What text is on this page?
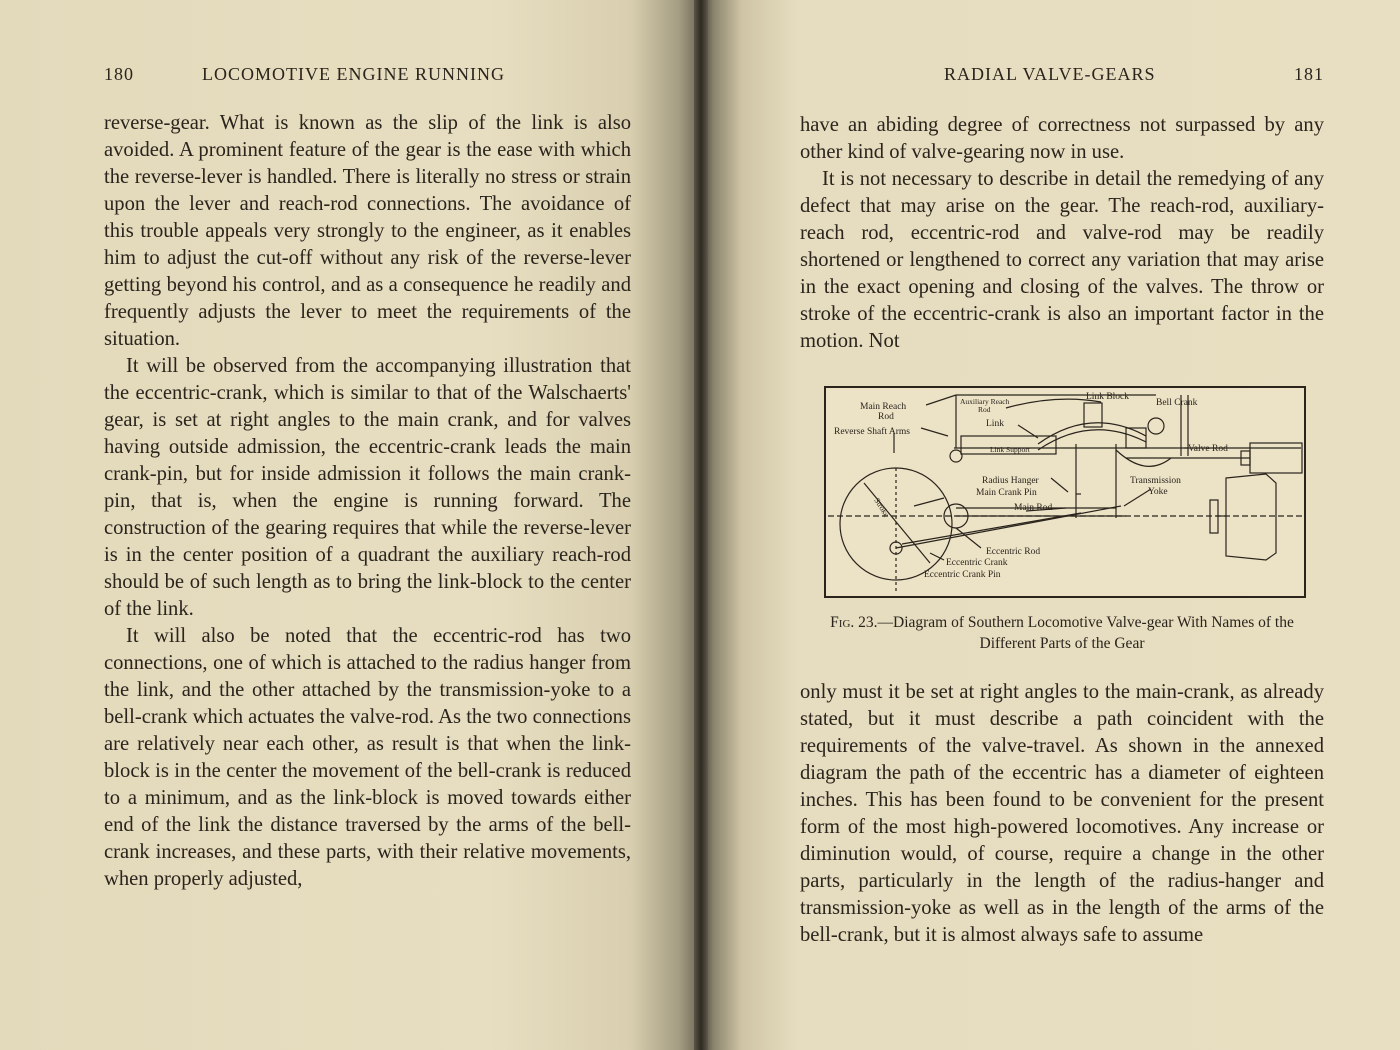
180	LOCOMOTIVE ENGINE RUNNING

reverse-gear. What is known as the slip of the link is also avoided. A prominent feature of the gear is the ease with which the reverse-lever is handled. There is literally no stress or strain upon the lever and reach-rod connections. The avoidance of this trouble appeals very strongly to the engineer, as it enables him to adjust the cut-off without any risk of the reverse-lever getting beyond his control, and as a consequence he readily and frequently adjusts the lever to meet the requirements of the situation.

It will be observed from the accompanying illustration that the eccentric-crank, which is similar to that of the Walschaerts' gear, is set at right angles to the main crank, and for valves having outside admission, the eccentric-crank leads the main crank-pin, but for inside admission it follows the main crank-pin, that is, when the engine is running forward. The construction of the gearing requires that while the reverse-lever is in the center position of a quadrant the auxiliary reach-rod should be of such length as to bring the link-block to the center of the link.

It will also be noted that the eccentric-rod has two connections, one of which is attached to the radius hanger from the link, and the other attached by the transmission-yoke to a bell-crank which actuates the valve-rod. As the two connections are relatively near each other, as result is that when the link-block is in the center the movement of the bell-crank is reduced to a minimum, and as the link-block is moved towards either end of the link the distance traversed by the arms of the bell-crank increases, and these parts, with their relative movements, when properly adjusted,

RADIAL VALVE-GEARS	181

have an abiding degree of correctness not surpassed by any other kind of valve-gearing now in use.

It is not necessary to describe in detail the remedying of any defect that may arise on the gear. The reach-rod, auxiliary-reach rod, eccentric-rod and valve-rod may be readily shortened or lengthened to correct any variation that may arise in the exact opening and closing of the valves. The throw or stroke of the eccentric-crank is also an important factor in the motion. Not

Main Reach
Rod
Reverse Shaft Arms
Auxiliary Reach
Rod
Link Block
Bell Crank
Link
Link Support	Valve Rod
Radius Hanger
Main Crank Pin
Main Rod
Transmission
Yoke
Stroke
Eccentric Rod
Eccentric Crank
Eccentric Crank Pin
Fig. 23.—Diagram of Southern Locomotive Valve-gear With Names of the Different Parts of the Gear

only must it be set at right angles to the main-crank, as already stated, but it must describe a path coincident with the requirements of the valve-travel. As shown in the annexed diagram the path of the eccentric has a diameter of eighteen inches. This has been found to be convenient for the present form of the most high-powered locomotives. Any increase or diminution would, of course, require a change in the other parts, particularly in the length of the radius-hanger and transmission-yoke as well as in the length of the arms of the bell-crank, but it is almost always safe to assume
